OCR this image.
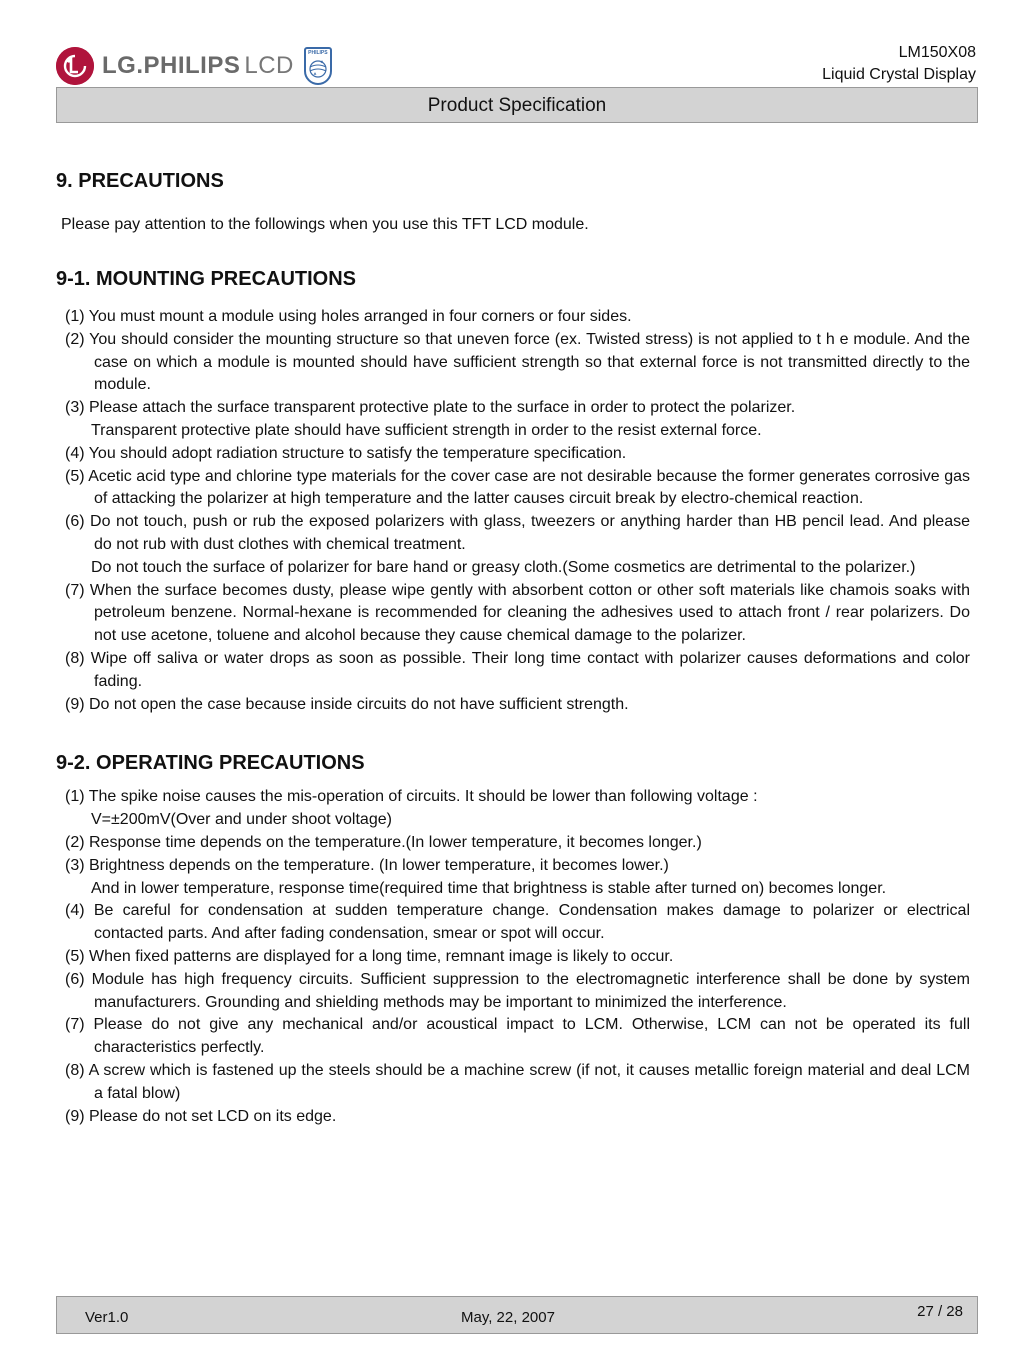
LG.PHILIPS LCD	PHILIPS	LM150X08
Liquid Crystal Display
Product Specification
9. PRECAUTIONS

Please pay attention to the followings when you use this TFT LCD module.

9-1. MOUNTING PRECAUTIONS
(1) You must mount a module using holes arranged in four corners or four sides.
(2) You should consider the mounting structure so that uneven force (ex. Twisted stress) is not applied to t h e module. And the case on which a module is mounted should have sufficient strength so that external force is not transmitted directly to the module.
(3) Please attach the surface transparent protective plate to the surface in order to protect the polarizer.
Transparent protective plate should have sufficient strength in order to the resist external force.
(4) You should adopt radiation structure to satisfy the temperature specification.
(5) Acetic acid type and chlorine type materials for the cover case are not desirable because the former generates corrosive gas of attacking the polarizer at high temperature and the latter causes circuit break by electro-chemical reaction.
(6) Do not touch, push or rub the exposed polarizers with glass, tweezers or anything harder than HB pencil lead. And please do not rub with dust clothes with chemical treatment.
Do not touch the surface of polarizer for bare hand or greasy cloth.(Some cosmetics are detrimental to the polarizer.)
(7) When the surface becomes dusty, please wipe gently with absorbent cotton or other soft materials like chamois soaks with petroleum benzene. Normal-hexane is recommended for cleaning the adhesives used to attach front / rear polarizers. Do not use acetone, toluene and alcohol because they cause chemical damage to the polarizer.
(8) Wipe off saliva or water drops as soon as possible. Their long time contact with polarizer causes deformations and color fading.
(9) Do not open the case because inside circuits do not have sufficient strength.
9-2. OPERATING PRECAUTIONS
(1) The spike noise causes the mis-operation of circuits. It should be lower than following voltage :
V=±200mV(Over and under shoot voltage)
(2) Response time depends on the temperature.(In lower temperature, it becomes longer.)
(3) Brightness depends on the temperature. (In lower temperature, it becomes lower.)
And in lower temperature, response time(required time that brightness is stable after turned on) becomes longer.
(4) Be careful for condensation at sudden temperature change. Condensation makes damage to polarizer or electrical contacted parts. And after fading condensation, smear or spot will occur.
(5) When fixed patterns are displayed for a long time, remnant image is likely to occur.
(6) Module has high frequency circuits. Sufficient suppression to the electromagnetic interference shall be done by system manufacturers. Grounding and shielding methods may be important to minimized the interference.
(7) Please do not give any mechanical and/or acoustical impact to LCM. Otherwise, LCM can not be operated its full characteristics perfectly.
(8) A screw which is fastened up the steels should be a machine screw (if not, it causes metallic foreign material and deal LCM a fatal blow)
(9) Please do not set LCD on its edge.
Ver1.0	May, 22, 2007	27 / 28
